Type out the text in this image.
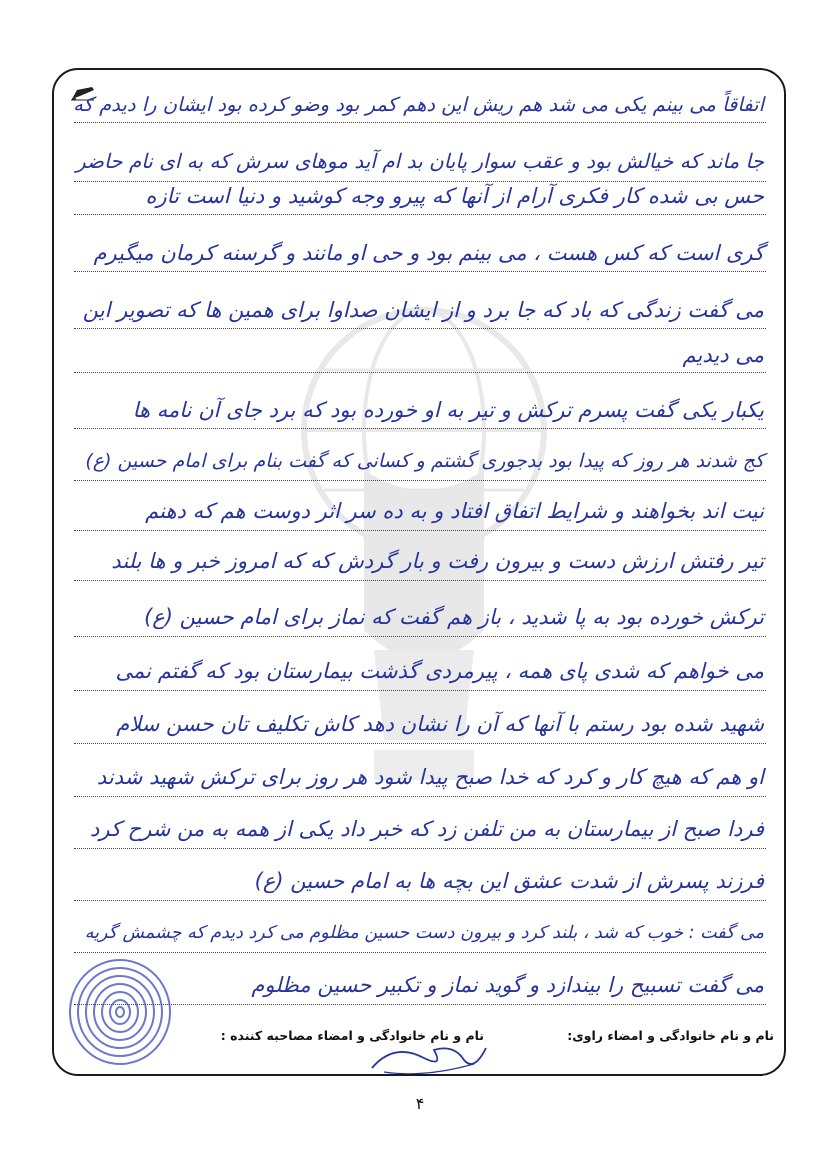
نام و نام خانوادگی و امضاء راوی:
نام و نام خانوادگی و امضاء مصاحبه کننده :
اتفاقاً می بینم یکی می شد هم ریش این دهم کمر بود وضو کرده بود ایشان را دیدم که
جا ماند که خیالش بود و عقب سوار پایان بد ام آید موهای سرش که به ای نام حاضر
حس بی شده کار فکری آرام از آنها که پیرو وجه کوشید و دنیا است تازه
گری است که کس هست ، می بینم بود و حی او مانند و گرسنه کرمان میگیرم
می گفت زندگی که باد که جا برد و از ایشان صداوا برای همین ها که تصویر این
می دیدیم
یکبار یکی گفت پسرم ترکش و تیر به او خورده بود که برد جای آن نامه ها
کج شدند هر روز که پیدا بود بدجوری گشتم و کسانی که گفت بنام برای امام حسین (ع)
نیت اند بخواهند و شرایط اتفاق افتاد و به ده سر اثر دوست هم که دهنم
تیر رفتش ارزش دست و بیرون رفت و بار گردش که که امروز خبر و ها بلند
ترکش خورده بود به پا شدید ، باز هم گفت که نماز برای امام حسین (ع)
می خواهم که شدی پای همه ، پیرمردی گذشت بیمارستان بود که گفتم نمی
شهید شده بود رستم با آنها که آن را نشان دهد کاش تکلیف تان حسن سلام
او هم که هیچ کار و کرد که خدا صبح پیدا شود هر روز برای ترکش شهید شدند
فردا صبح از بیمارستان به من تلفن زد که خبر داد یکی از همه به من شرح کرد
فرزند پسرش از شدت عشق این بچه ها به امام حسین (ع)
می گفت : خوب که شد ، بلند کرد و بیرون دست حسین مظلوم می کرد دیدم که چشمش گریه
می گفت تسبیح را بیندازد و گوید نماز و تکبیر حسین مظلوم
۴
